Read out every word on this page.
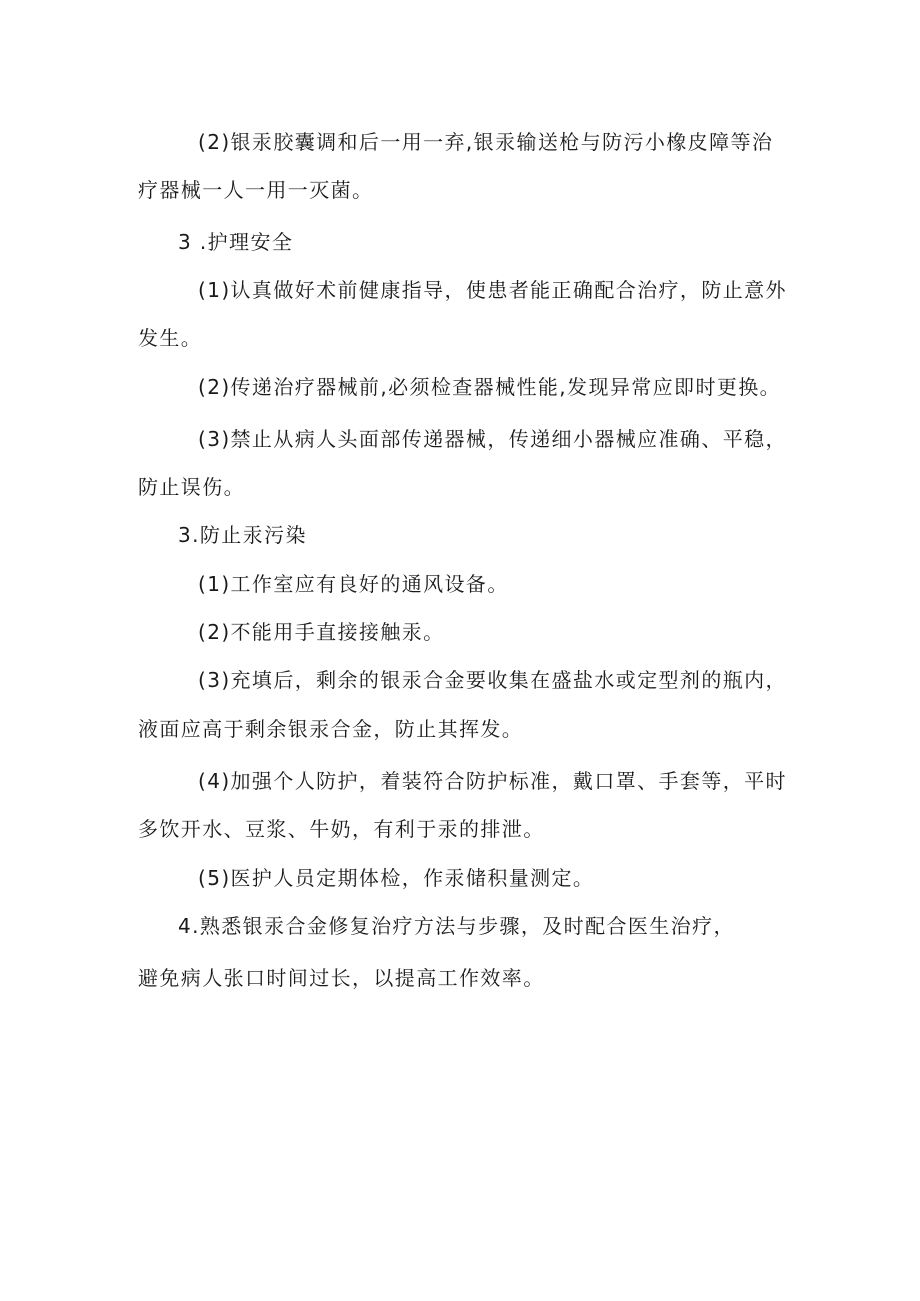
(2)银汞胶囊调和后一用一弃,银汞输送枪与防污小橡皮障等治
疗器械一人一用一灭菌。
3 .护理安全
(1)认真做好术前健康指导，使患者能正确配合治疗，防止意外
发生。
(2)传递治疗器械前,必须检查器械性能,发现异常应即时更换。
(3)禁止从病人头面部传递器械，传递细小器械应准确、平稳，
防止误伤。
3.防止汞污染
(1)工作室应有良好的通风设备。
(2)不能用手直接接触汞。
(3)充填后，剩余的银汞合金要收集在盛盐水或定型剂的瓶内，
液面应高于剩余银汞合金，防止其挥发。
(4)加强个人防护，着装符合防护标准，戴口罩、手套等，平时
多饮开水、豆浆、牛奶，有利于汞的排泄。
(5)医护人员定期体检，作汞储积量测定。
4.熟悉银汞合金修复治疗方法与步骤，及时配合医生治疗，
避免病人张口时间过长，以提高工作效率。
